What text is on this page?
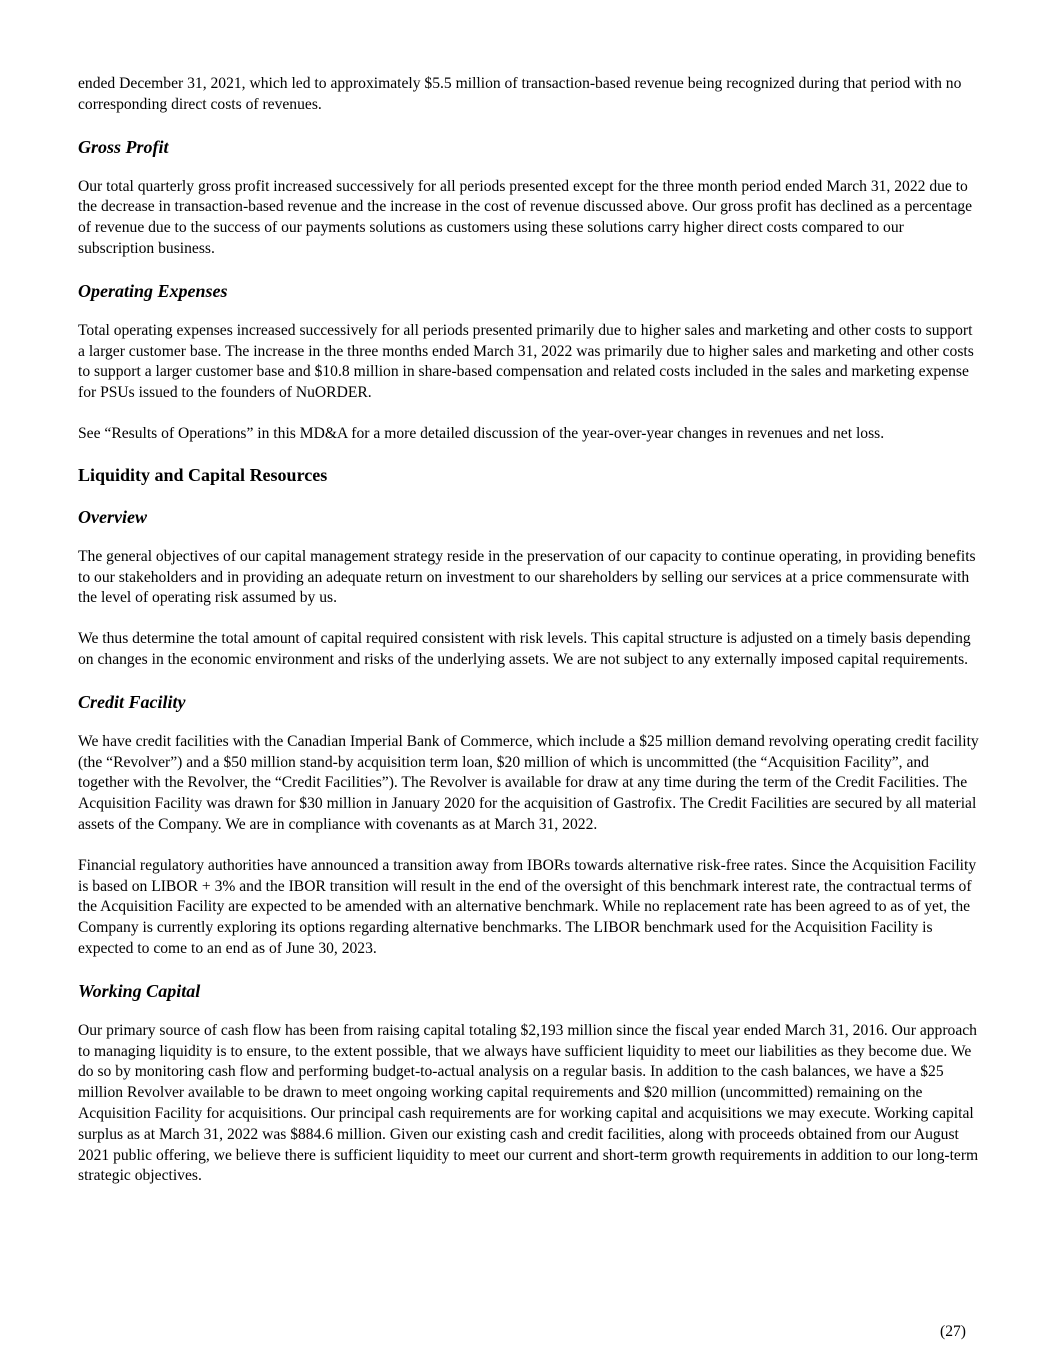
ended December 31, 2021, which led to approximately $5.5 million of transaction-based revenue being recognized during that period with no corresponding direct costs of revenues.

Gross Profit

Our total quarterly gross profit increased successively for all periods presented except for the three month period ended March 31, 2022 due to the decrease in transaction-based revenue and the increase in the cost of revenue discussed above. Our gross profit has declined as a percentage of revenue due to the success of our payments solutions as customers using these solutions carry higher direct costs compared to our subscription business.

Operating Expenses

Total operating expenses increased successively for all periods presented primarily due to higher sales and marketing and other costs to support a larger customer base. The increase in the three months ended March 31, 2022 was primarily due to higher sales and marketing and other costs to support a larger customer base and $10.8 million in share-based compensation and related costs included in the sales and marketing expense for PSUs issued to the founders of NuORDER.

See “Results of Operations” in this MD&A for a more detailed discussion of the year-over-year changes in revenues and net loss.

Liquidity and Capital Resources
Overview

The general objectives of our capital management strategy reside in the preservation of our capacity to continue operating, in providing benefits to our stakeholders and in providing an adequate return on investment to our shareholders by selling our services at a price commensurate with the level of operating risk assumed by us.

We thus determine the total amount of capital required consistent with risk levels. This capital structure is adjusted on a timely basis depending on changes in the economic environment and risks of the underlying assets. We are not subject to any externally imposed capital requirements.

Credit Facility

We have credit facilities with the Canadian Imperial Bank of Commerce, which include a $25 million demand revolving operating credit facility (the “Revolver”) and a $50 million stand-by acquisition term loan, $20 million of which is uncommitted (the “Acquisition Facility”, and together with the Revolver, the “Credit Facilities”). The Revolver is available for draw at any time during the term of the Credit Facilities. The Acquisition Facility was drawn for $30 million in January 2020 for the acquisition of Gastrofix. The Credit Facilities are secured by all material assets of the Company. We are in compliance with covenants as at March 31, 2022.

Financial regulatory authorities have announced a transition away from IBORs towards alternative risk-free rates. Since the Acquisition Facility is based on LIBOR + 3% and the IBOR transition will result in the end of the oversight of this benchmark interest rate, the contractual terms of the Acquisition Facility are expected to be amended with an alternative benchmark. While no replacement rate has been agreed to as of yet, the Company is currently exploring its options regarding alternative benchmarks. The LIBOR benchmark used for the Acquisition Facility is expected to come to an end as of June 30, 2023.

Working Capital

Our primary source of cash flow has been from raising capital totaling $2,193 million since the fiscal year ended March 31, 2016. Our approach to managing liquidity is to ensure, to the extent possible, that we always have sufficient liquidity to meet our liabilities as they become due. We do so by monitoring cash flow and performing budget-to-actual analysis on a regular basis. In addition to the cash balances, we have a $25 million Revolver available to be drawn to meet ongoing working capital requirements and $20 million (uncommitted) remaining on the Acquisition Facility for acquisitions. Our principal cash requirements are for working capital and acquisitions we may execute. Working capital surplus as at March 31, 2022 was $884.6 million. Given our existing cash and credit facilities, along with proceeds obtained from our August 2021 public offering, we believe there is sufficient liquidity to meet our current and short-term growth requirements in addition to our long-term strategic objectives.

(27)
